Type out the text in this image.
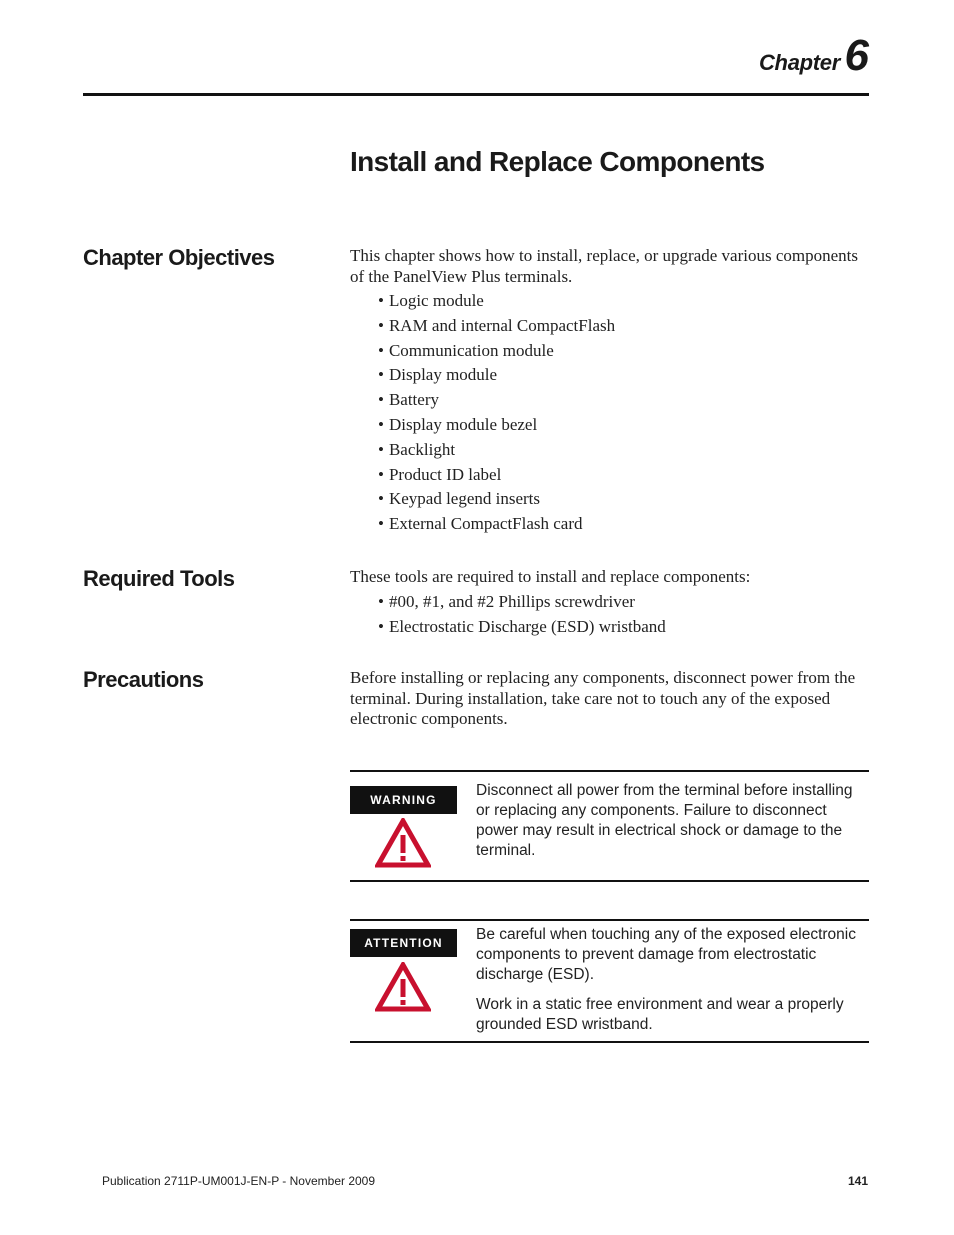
Chapter 6
Install and Replace Components
Chapter Objectives	This chapter shows how to install, replace, or upgrade various components of the PanelView Plus terminals.

• Logic module
• RAM and internal CompactFlash
• Communication module
• Display module
• Battery
• Display module bezel
• Backlight
• Product ID label
• Keypad legend inserts
• External CompactFlash card
Required Tools	These tools are required to install and replace components:

• #00, #1, and #2 Phillips screwdriver
• Electrostatic Discharge (ESD) wristband
Precautions	Before installing or replacing any components, disconnect power from the terminal. During installation, take care not to touch any of the exposed electronic components.

WARNING

Disconnect all power from the terminal before installing or replacing any components. Failure to disconnect power may result in electrical shock or damage to the terminal.

ATTENTION	Be careful when touching any of the exposed electronic components to prevent damage from electrostatic discharge (ESD).

Work in a static free environment and wear a properly grounded ESD wristband.

Publication 2711P-UM001J-EN-P - November 2009	141
